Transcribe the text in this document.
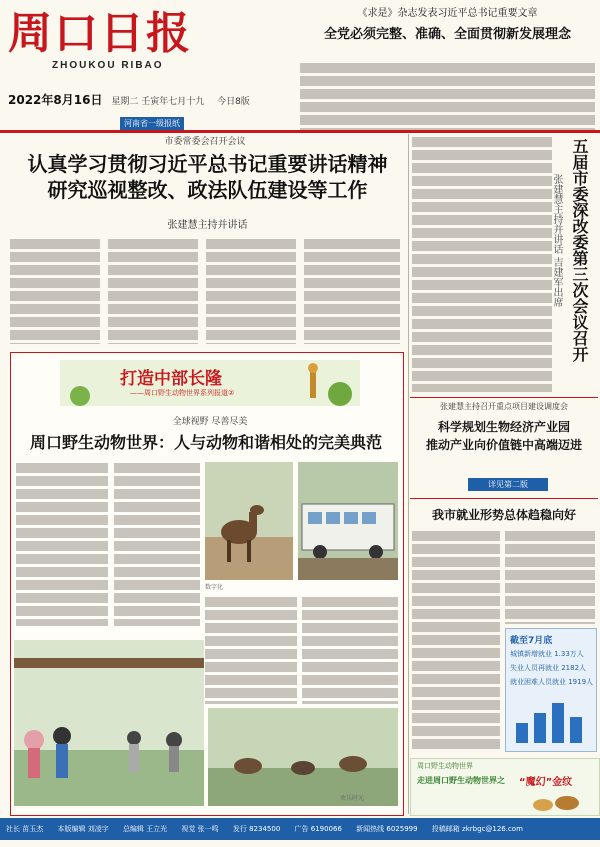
周口日报
ZHOUKOU RIBAO
《求是》杂志发表习近平总书记重要文章
全党必须完整、准确、全面贯彻新发展理念
2022年8月16日 星期二 壬寅年七月十九 今日8版
河南省一级报纸
市委常委会召开会议
认真学习贯彻习近平总书记重要讲话精神
研究巡视整改、政法队伍建设等工作
张建慧主持并讲话
打造中部长隆
——周口野生动物世界系列报道②
全球视野 尽善尽美
周口野生动物世界：人与动物和谐相处的完美典范
数字化
欢乐时光
五届市委深改委第三次会议召开
张建慧主持并讲话 吉建军出席
张建慧主持召开重点项目建设调度会
科学规划生物经济产业园
推动产业向价值链中高端迈进
详见第二版
我市就业形势总体趋稳向好
截至7月底
城镇新增就业 1.33万人
失业人员再就业 2182人
就业困难人员就业 1919人
周口野生动物世界
走进周口野生动物世界之	“魔幻”金纹
社长 苗玉杰 本版编辑 刘凌宇 总编辑 王立光 视觉 张一鸣 发行 8234500 广告 6190066 新闻热线 6025999 投稿邮箱 zkrbgc@126.com
